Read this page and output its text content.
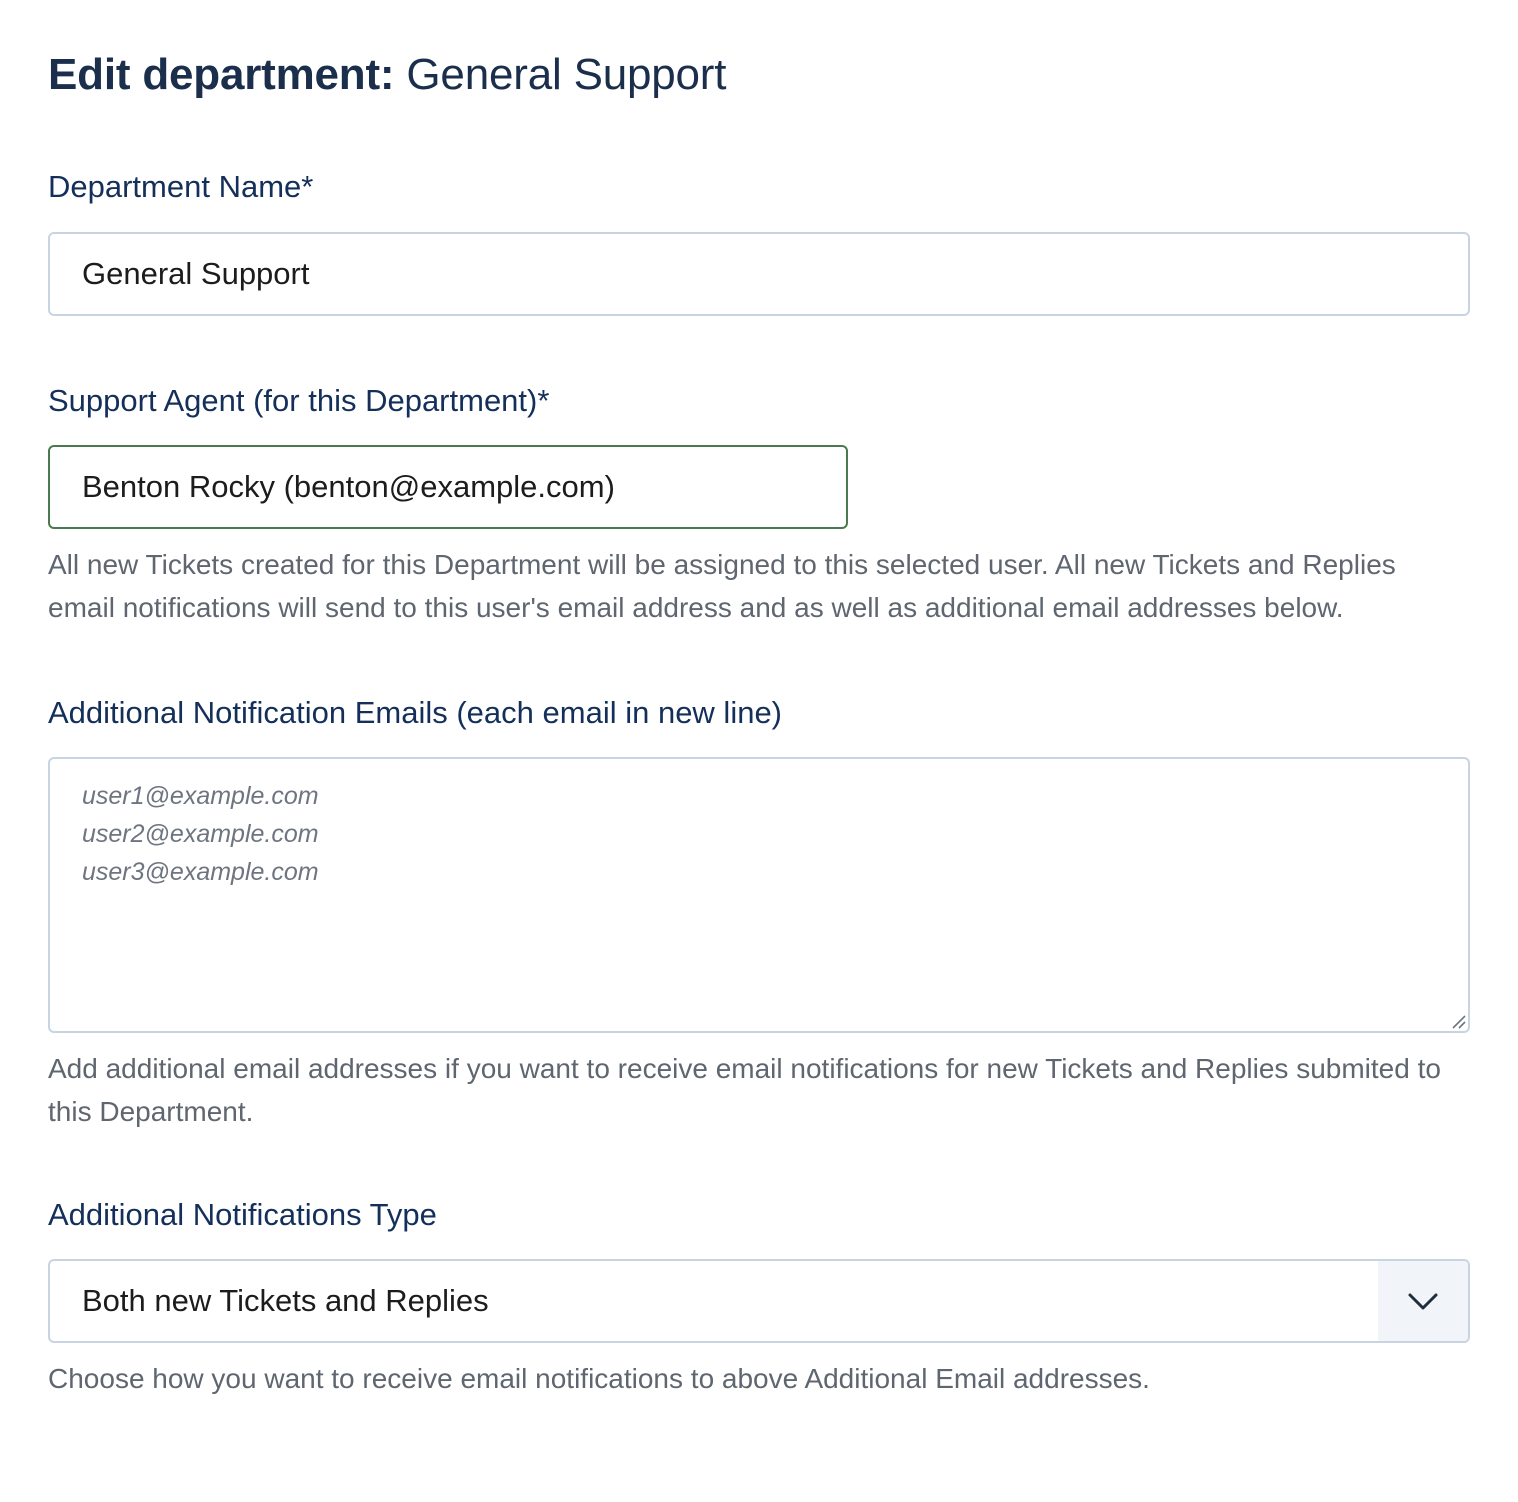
Edit department: General Support
Department Name*
General Support
Support Agent (for this Department)*
Benton Rocky (benton@example.com)

All new Tickets created for this Department will be assigned to this selected user. All new Tickets and Replies email notifications will send to this user's email address and as well as additional email addresses below.

Additional Notification Emails (each email in new line)
user1@example.com
user2@example.com
user3@example.com

Add additional email addresses if you want to receive email notifications for new Tickets and Replies submited to this Department.

Additional Notifications Type
Both new Tickets and Replies

Choose how you want to receive email notifications to above Additional Email addresses.
